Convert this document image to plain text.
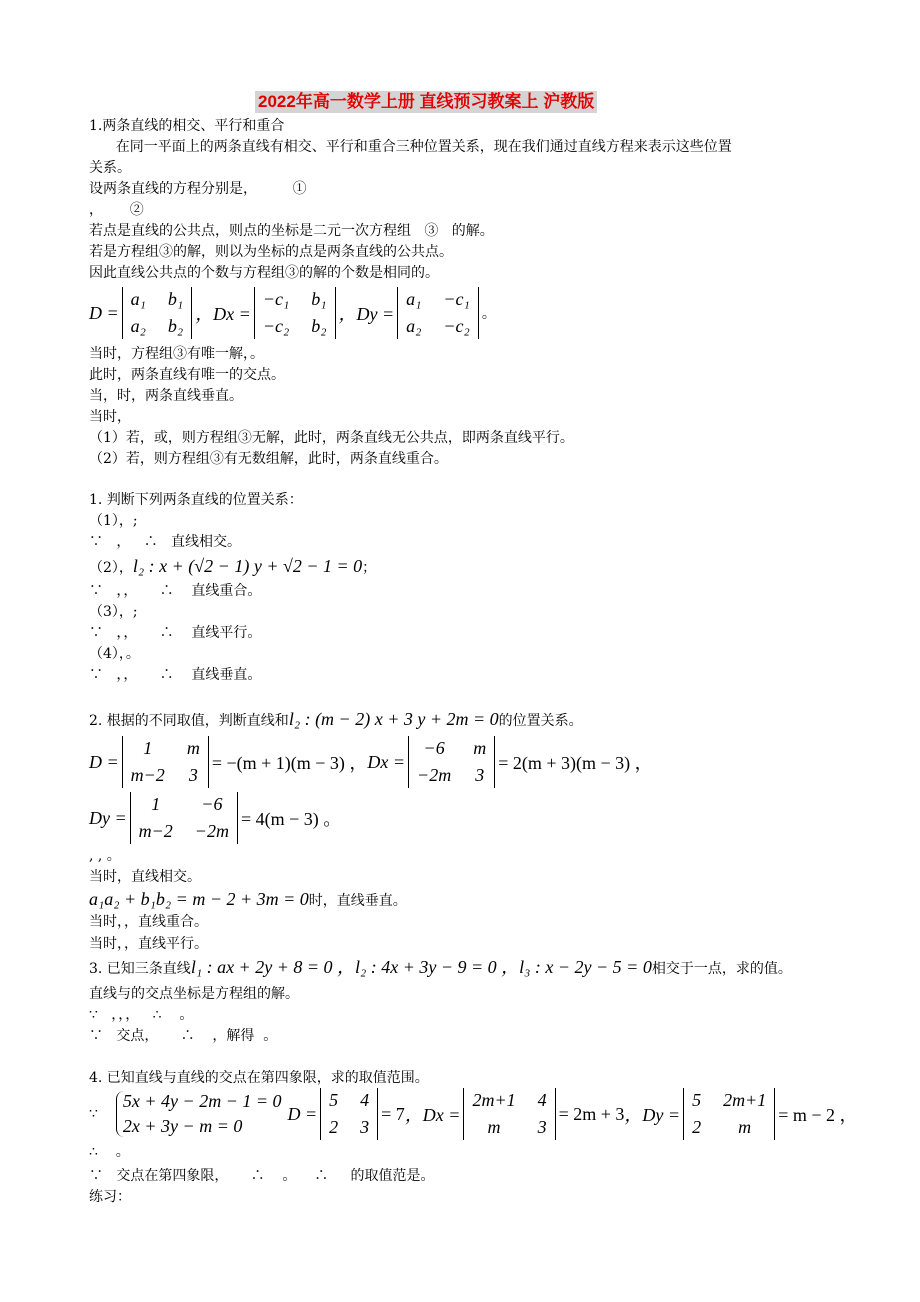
2022年高一数学上册 直线预习教案上 沪教版
1.两条直线的相交、平行和重合
在同一平面上的两条直线有相交、平行和重合三种位置关系，现在我们通过直线方程来表示这些位置
关系。
设两条直线的方程分别是，        ①
，      ②
若点是直线的公共点，则点的坐标是二元一次方程组   ③   的解。
若是方程组③的解，则以为坐标的点是两条直线的公共点。
因此直线公共点的个数与方程组③的解的个数是相同的。
D =
a₁ b₁
a₂ b₂
，Dx =
−c₁ b₁
−c₂ b₂
，Dy =
a₁ −c₁
a₂ −c₂
。
当时，方程组③有唯一解，。
此时，两条直线有唯一的交点。
当，时，两条直线垂直。
当时，
（1）若，或，则方程组③无解，此时，两条直线无公共点，即两条直线平行。
（2）若，则方程组③有无数组解，此时，两条直线重合。
1. 判断下列两条直线的位置关系：
（1），;
∵   ，   ∴   直线相交。
（2），l₂ : x + (√2 − 1) y + √2 − 1 = 0；
∵   ，，     ∴    直线重合。
（3），;
∵   ，，     ∴    直线平行。
（4），。
∵   ，，     ∴    直线垂直。
2. 根据的不同取值，判断直线和l₂ : (m − 2) x + 3 y + 2m = 0的位置关系。
D =
1	m
m−2 3
= −(m + 1)(m − 3) ， Dx =
−6	m
−2m 3
= 2(m + 3)(m − 3) ，
Dy =
1	−6
m−2 −2m
= 4(m − 3) 。
, , 。
当时，直线相交。
a₁a₂ + b₁b₂ = m − 2 + 3m = 0时，直线垂直。
当时，，直线重合。
当时，，直线平行。
3. 已知三条直线l₁ : ax + 2y + 8 = 0 ，l₂ : 4x + 3y − 9 = 0 ，l₃ : x − 2y − 5 = 0相交于一点，求的值。
直线与的交点坐标是方程组的解。
∵   ，，，   ∴    。
∵   交点，     ∴    ，解得  。
4. 已知直线与直线的交点在第四象限，求的取值范围。
∵
5x + 4y − 2m − 1 = 0
2x + 3y − m = 0
D =
5 4
2 3
= 7 ，Dx =
2m+1 4
m	3
= 2m + 3 ，Dy =
5 2m+1
2	m
= m − 2 ，
∴    。
∵   交点在第四象限，     ∴    。    ∴     的取值范是。
练习：
